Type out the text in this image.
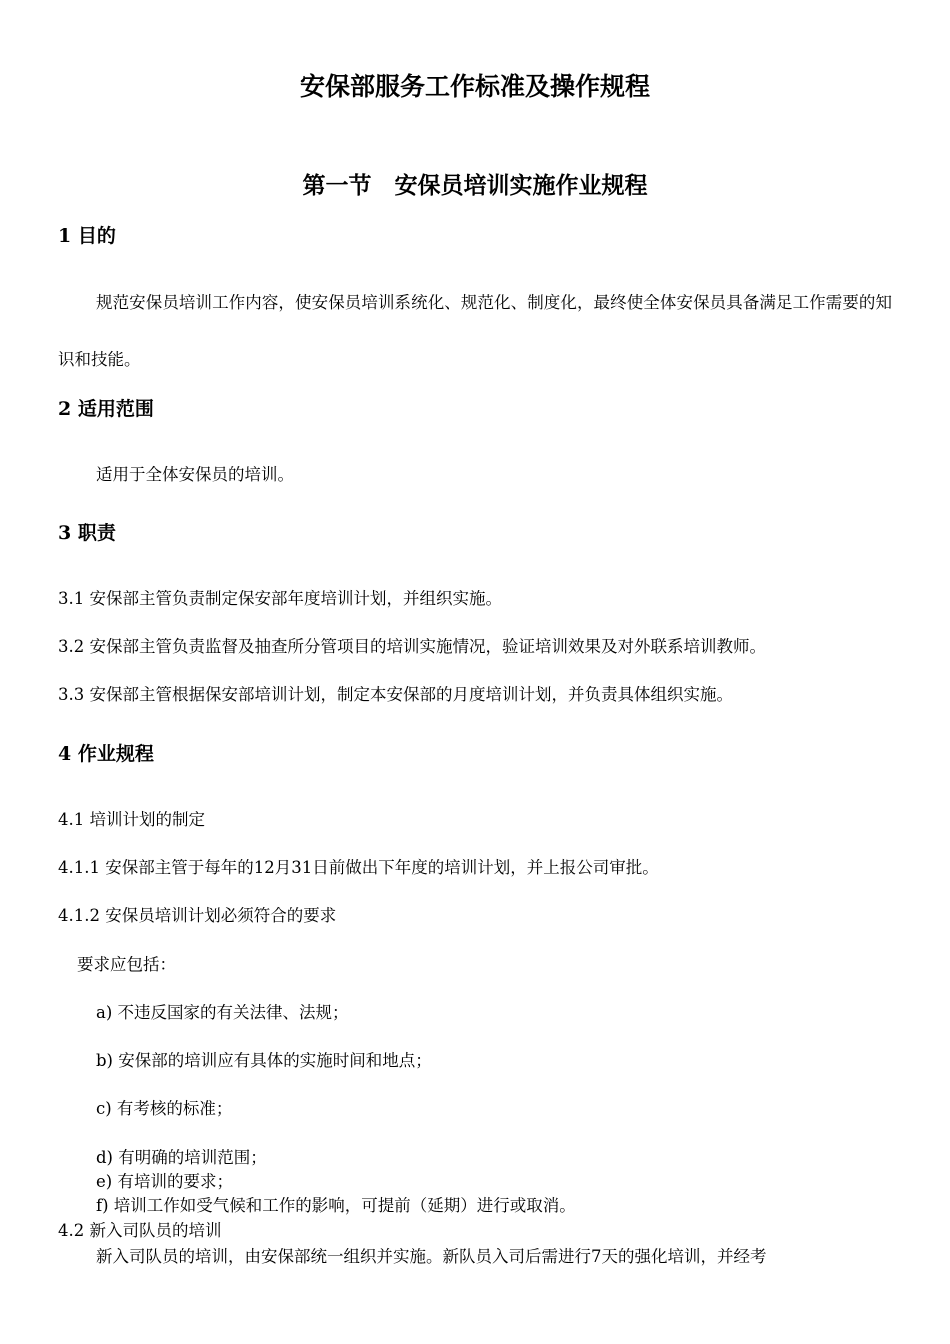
安保部服务工作标准及操作规程
第一节　安保员培训实施作业规程
1 目的
规范安保员培训工作内容，使安保员培训系统化、规范化、制度化，最终使全体安保员具备满足工作需要的知识和技能。
2 适用范围
适用于全体安保员的培训。
3 职责
3.1 安保部主管负责制定保安部年度培训计划，并组织实施。
3.2 安保部主管负责监督及抽查所分管项目的培训实施情况，验证培训效果及对外联系培训教师。
3.3 安保部主管根据保安部培训计划，制定本安保部的月度培训计划，并负责具体组织实施。
4 作业规程
4.1 培训计划的制定
4.1.1 安保部主管于每年的12月31日前做出下年度的培训计划，并上报公司审批。
4.1.2 安保员培训计划必须符合的要求
要求应包括：
a) 不违反国家的有关法律、法规；
b) 安保部的培训应有具体的实施时间和地点；
c) 有考核的标准；
d) 有明确的培训范围；
e) 有培训的要求；
f) 培训工作如受气候和工作的影响，可提前（延期）进行或取消。
4.2 新入司队员的培训
新入司队员的培训，由安保部统一组织并实施。新队员入司后需进行7天的强化培训，并经考
